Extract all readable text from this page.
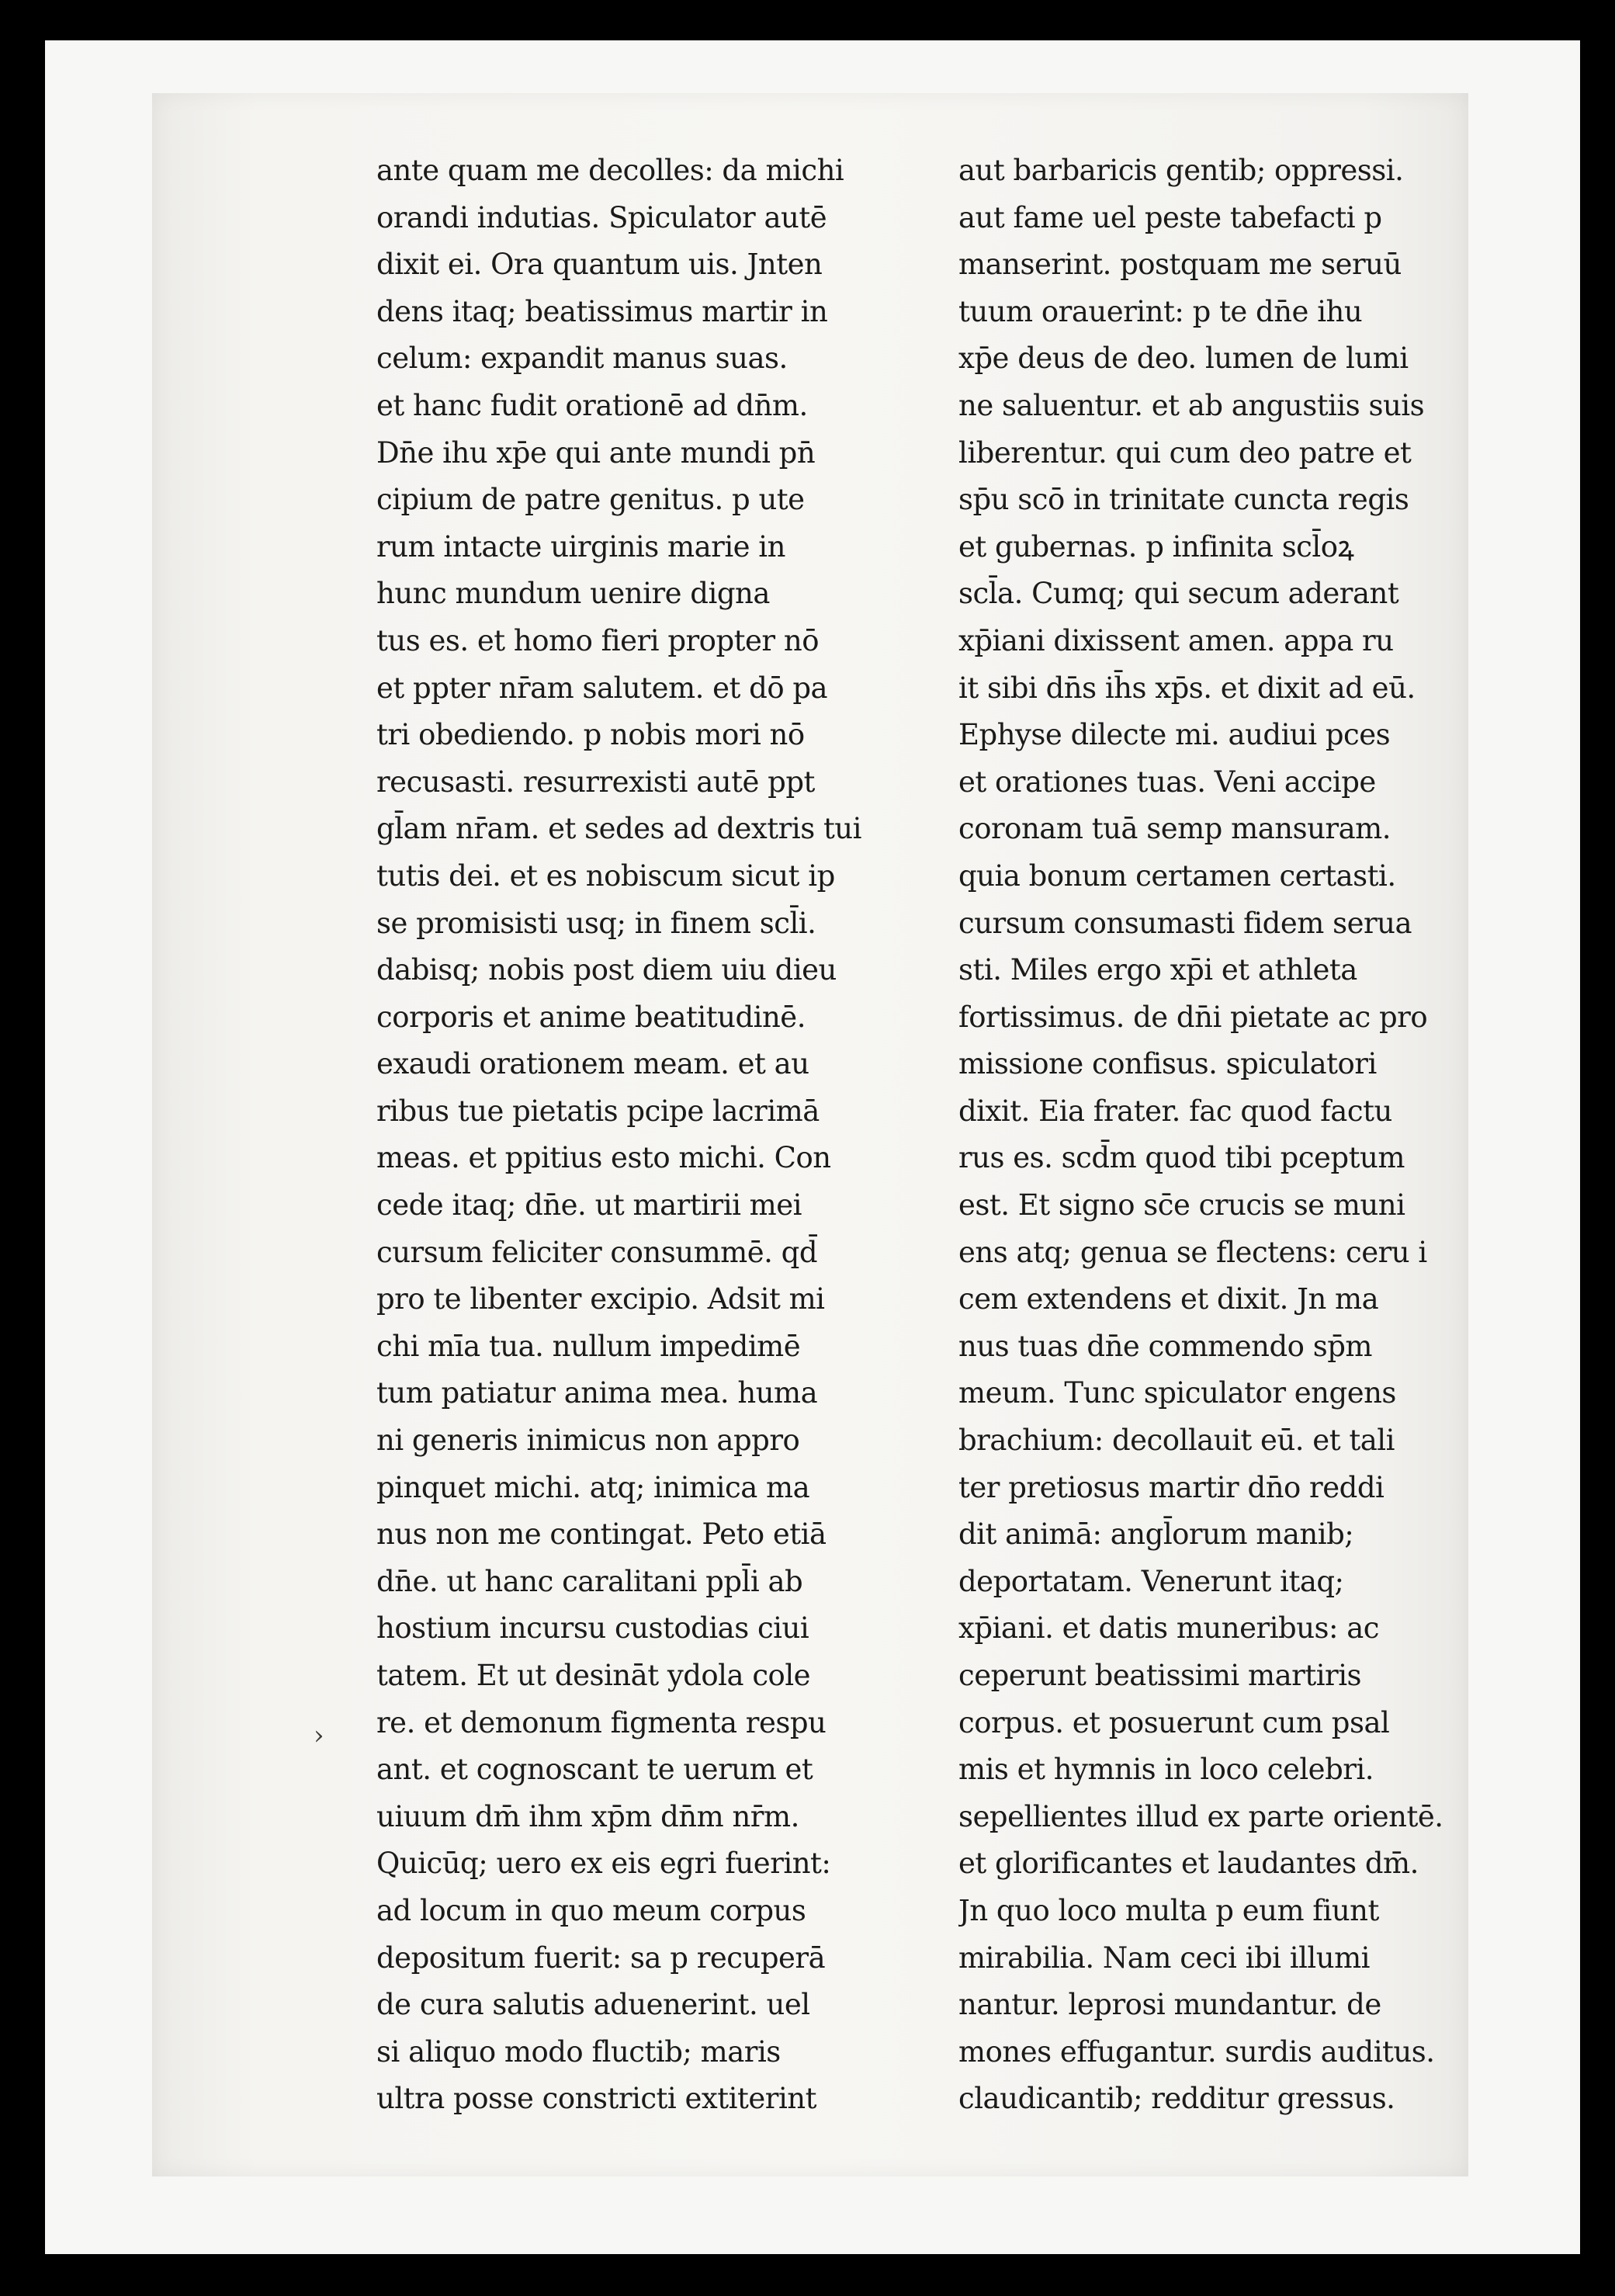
ante quam me decolles: da michi
orandi indutias. Spiculator autē
dixit ei. Ora quantum uis. Jnten
dens itaq; beatissimus martir in
celum: expandit manus suas.
et hanc fudit orationē ad dn̄m.
Dn̄e ihu xp̄e qui ante mundi pn̄
cipium de patre genitus. p ute
rum intacte uirginis marie in
hunc mundum uenire digna
tus es. et homo fieri propter nō
et ppter nr̄am salutem. et dō pa
tri obediendo. p nobis mori nō
recusasti. resurrexisti autē ppt
gl̄am nr̄am. et sedes ad dextris tui
tutis dei. et es nobiscum sicut ip
se promisisti usq; in finem scl̄i.
dabisq; nobis post diem uiu dieu
corporis et anime beatitudinē.
exaudi orationem meam. et au
ribus tue pietatis pcipe lacrimā
meas. et ppitius esto michi. Con
cede itaq; dn̄e. ut martirii mei
cursum feliciter consummē. qd̄
pro te libenter excipio. Adsit mi
chi mīa tua. nullum impedimē
tum patiatur anima mea. huma
ni generis inimicus non appro
pinquet michi. atq; inimica ma
nus non me contingat. Peto etiā
dn̄e. ut hanc caralitani ppl̄i ab
hostium incursu custodias ciui
tatem. Et ut desināt ydola cole
re. et demonum figmenta respu
ant. et cognoscant te uerum et
uiuum dm̄ ihm xp̄m dn̄m nr̄m.
Quicūq; uero ex eis egri fuerint:
ad locum in quo meum corpus
depositum fuerit: sa p recuperā
de cura salutis aduenerint. uel
si aliquo modo fluctib; maris
ultra posse constricti extiterint
aut barbaricis gentib; oppressi.
aut fame uel peste tabefacti p
manserint. postquam me seruū
tuum orauerint: p te dn̄e ihu
xp̄e deus de deo. lumen de lumi
ne saluentur. et ab angustiis suis
liberentur. qui cum deo patre et
sp̄u scō in trinitate cuncta regis
et gubernas. p infinita scl̄oꝝ
scl̄a. Cumq; qui secum aderant
xp̄iani dixissent amen. appa ru
it sibi dn̄s ih̄s xp̄s. et dixit ad eū.
Ephyse dilecte mi. audiui pces
et orationes tuas. Veni accipe
coronam tuā semp mansuram.
quia bonum certamen certasti.
cursum consumasti fidem serua
sti. Miles ergo xp̄i et athleta
fortissimus. de dn̄i pietate ac pro
missione confisus. spiculatori
dixit. Eia frater. fac quod factu
rus es. scd̄m quod tibi pceptum
est. Et signo sc̄e crucis se muni
ens atq; genua se flectens: ceru i
cem extendens et dixit. Jn ma
nus tuas dn̄e commendo sp̄m
meum. Tunc spiculator engens
brachium: decollauit eū. et tali
ter pretiosus martir dn̄o reddi
dit animā: angl̄orum manib;
deportatam. Venerunt itaq;
xp̄iani. et datis muneribus: ac
ceperunt beatissimi martiris
corpus. et posuerunt cum psal
mis et hymnis in loco celebri.
sepellientes illud ex parte orientē.
et glorificantes et laudantes dm̄.
Jn quo loco multa p eum fiunt
mirabilia. Nam ceci ibi illumi
nantur. leprosi mundantur. de
mones effugantur. surdis auditus.
claudicantib; redditur gressus.
›
